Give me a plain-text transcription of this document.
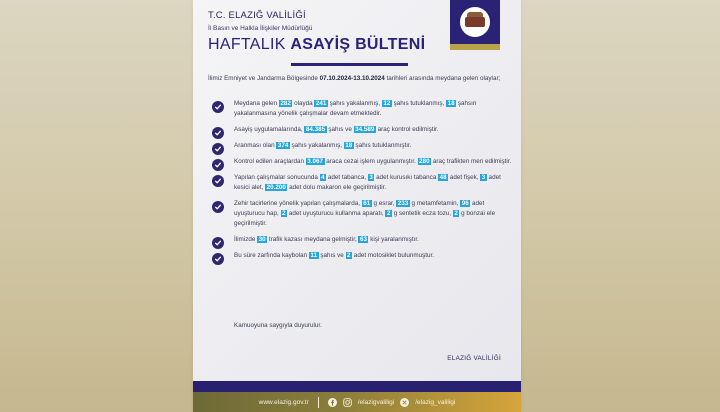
T.C. ELAZIĞ VALİLİĞİ
İl Basın ve Halkla İlişkiler Müdürlüğü
HAFTALIK ASAYİŞ BÜLTENİ
İlimiz Emniyet ve Jandarma Bölgesinde 07.10.2024-13.10.2024 tarihleri arasında meydana gelen olaylar;
Meydana gelen 282 olayda 241 şahıs yakalanmış, 12 şahıs tutuklanmış, 18 şahsın yakalanmasına yönelik çalışmalar devam etmektedir.
Asayiş uygulamalarında, 84.385 şahıs ve 34.589 araç kontrol edilmiştir.
Aranması olan 374 şahıs yakalanmış, 18 şahıs tutuklanmıştır.
Kontrol edilen araçlardan 3.067 araca cezai işlem uygulanmıştır. 280 araç trafikten men edilmiştir.
Yapılan çalışmalar sonucunda 4 adet tabanca, 3 adet kurusıkı tabanca 48 adet fişek, 3 adet kesici alet, 20.200 adet dolu makaron ele geçirilmiştir.
Zehir tacirlerine yönelik yapılan çalışmalarda, 61 g esrar, 233 g metamfetamin, 96 adet uyuşturucu hap, 2 adet uyuşturucu kullanma aparatı, 2 g sentetik ecza tozu, 2 g bonzai ele geçirilmiştir.
İlimizde 30 trafik kazası meydana gelmiştir, 63 kişi yaralanmıştır.
Bu süre zarfında kaybolan 11 şahıs ve 2 adet motosiklet bulunmuştur.
Kamuoyuna saygıyla duyurulur.
ELAZIĞ VALİLİĞİ
www.elazig.gov.tr	/elazigvaliligi	/elazig_valiligi
